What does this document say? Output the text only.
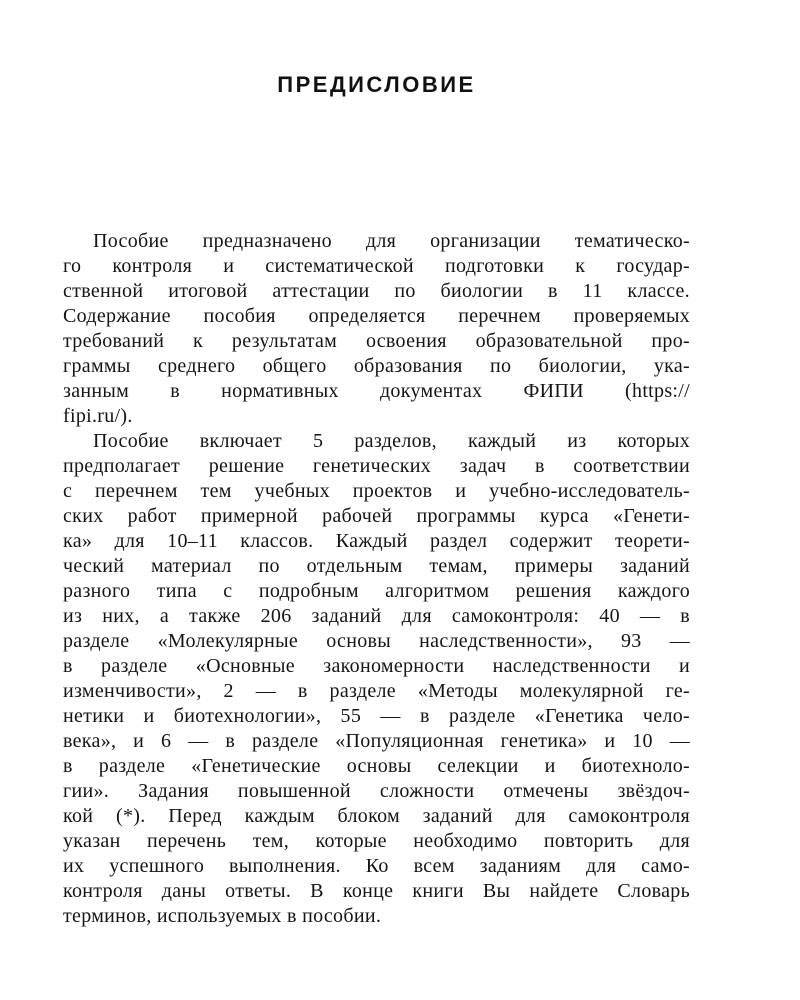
ПРЕДИСЛОВИЕ
Пособие предназначено для организации тематическо-
го контроля и систематической подготовки к государ-
ственной итоговой аттестации по биологии в 11 классе.
Содержание пособия определяется перечнем проверяемых
требований к результатам освоения образовательной про-
граммы среднего общего образования по биологии, ука-
занным в нормативных документах ФИПИ (https://
fipi.ru/).
Пособие включает 5 разделов, каждый из которых
предполагает решение генетических задач в соответствии
с перечнем тем учебных проектов и учебно-исследователь-
ских работ примерной рабочей программы курса «Генети-
ка» для 10–11 классов. Каждый раздел содержит теорети-
ческий материал по отдельным темам, примеры заданий
разного типа с подробным алгоритмом решения каждого
из них, а также 206 заданий для самоконтроля: 40 — в
разделе «Молекулярные основы наследственности», 93 —
в разделе «Основные закономерности наследственности и
изменчивости», 2 — в разделе «Методы молекулярной ге-
нетики и биотехнологии», 55 — в разделе «Генетика чело-
века», и 6 — в разделе «Популяционная генетика» и 10 —
в разделе «Генетические основы селекции и биотехноло-
гии». Задания повышенной сложности отмечены звёздоч-
кой (*). Перед каждым блоком заданий для самоконтроля
указан перечень тем, которые необходимо повторить для
их успешного выполнения. Ко всем заданиям для само-
контроля даны ответы. В конце книги Вы найдете Словарь
терминов, используемых в пособии.
